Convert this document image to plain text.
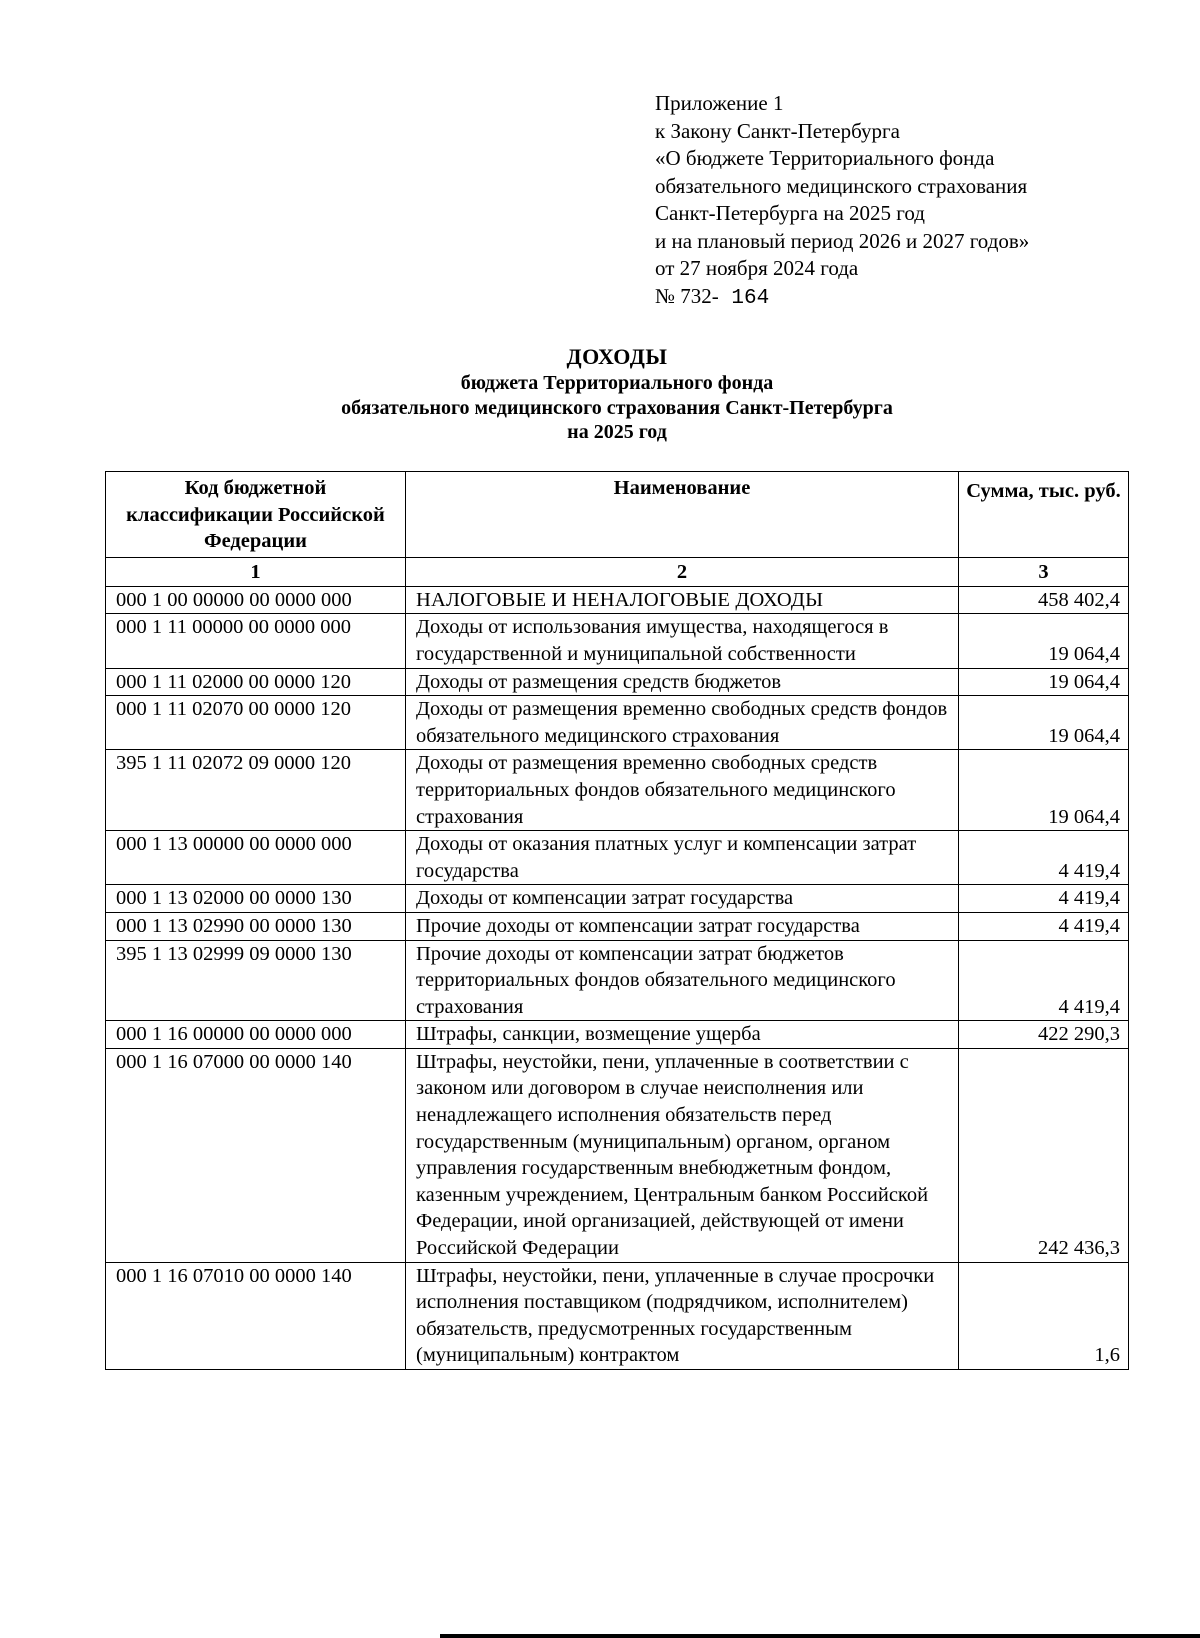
Приложение 1
к Закону Санкт-Петербурга
«О бюджете Территориального фонда
обязательного медицинского страхования
Санкт-Петербурга на 2025 год
и на плановый период 2026 и 2027 годов»
от 27 ноября 2024 года
№ 732- 164
ДОХОДЫ
бюджета Территориального фонда
обязательного медицинского страхования Санкт-Петербурга
на 2025 год
Код бюджетной классификации Российской Федерации	Наименование	Сумма, тыс. руб.
1	2	3
000 1 00 00000 00 0000 000	НАЛОГОВЫЕ И НЕНАЛОГОВЫЕ ДОХОДЫ	458 402,4
000 1 11 00000 00 0000 000	Доходы от использования имущества, находящегося в государственной и муниципальной собственности	19 064,4
000 1 11 02000 00 0000 120	Доходы от размещения средств бюджетов	19 064,4
000 1 11 02070 00 0000 120	Доходы от размещения временно свободных средств фондов обязательного медицинского страхования	19 064,4
395 1 11 02072 09 0000 120	Доходы от размещения временно свободных средств территориальных фондов обязательного медицинского страхования	19 064,4
000 1 13 00000 00 0000 000	Доходы от оказания платных услуг и компенсации затрат государства	4 419,4
000 1 13 02000 00 0000 130	Доходы от компенсации затрат государства	4 419,4
000 1 13 02990 00 0000 130	Прочие доходы от компенсации затрат государства	4 419,4
395 1 13 02999 09 0000 130	Прочие доходы от компенсации затрат бюджетов территориальных фондов обязательного медицинского страхования	4 419,4
000 1 16 00000 00 0000 000	Штрафы, санкции, возмещение ущерба	422 290,3
000 1 16 07000 00 0000 140	Штрафы, неустойки, пени, уплаченные в соответствии с законом или договором в случае неисполнения или ненадлежащего исполнения обязательств перед государственным (муниципальным) органом, органом управления государственным внебюджетным фондом, казенным учреждением, Центральным банком Российской Федерации, иной организацией, действующей от имени Российской Федерации	242 436,3
000 1 16 07010 00 0000 140	Штрафы, неустойки, пени, уплаченные в случае просрочки исполнения поставщиком (подрядчиком, исполнителем) обязательств, предусмотренных государственным (муниципальным) контрактом	1,6
